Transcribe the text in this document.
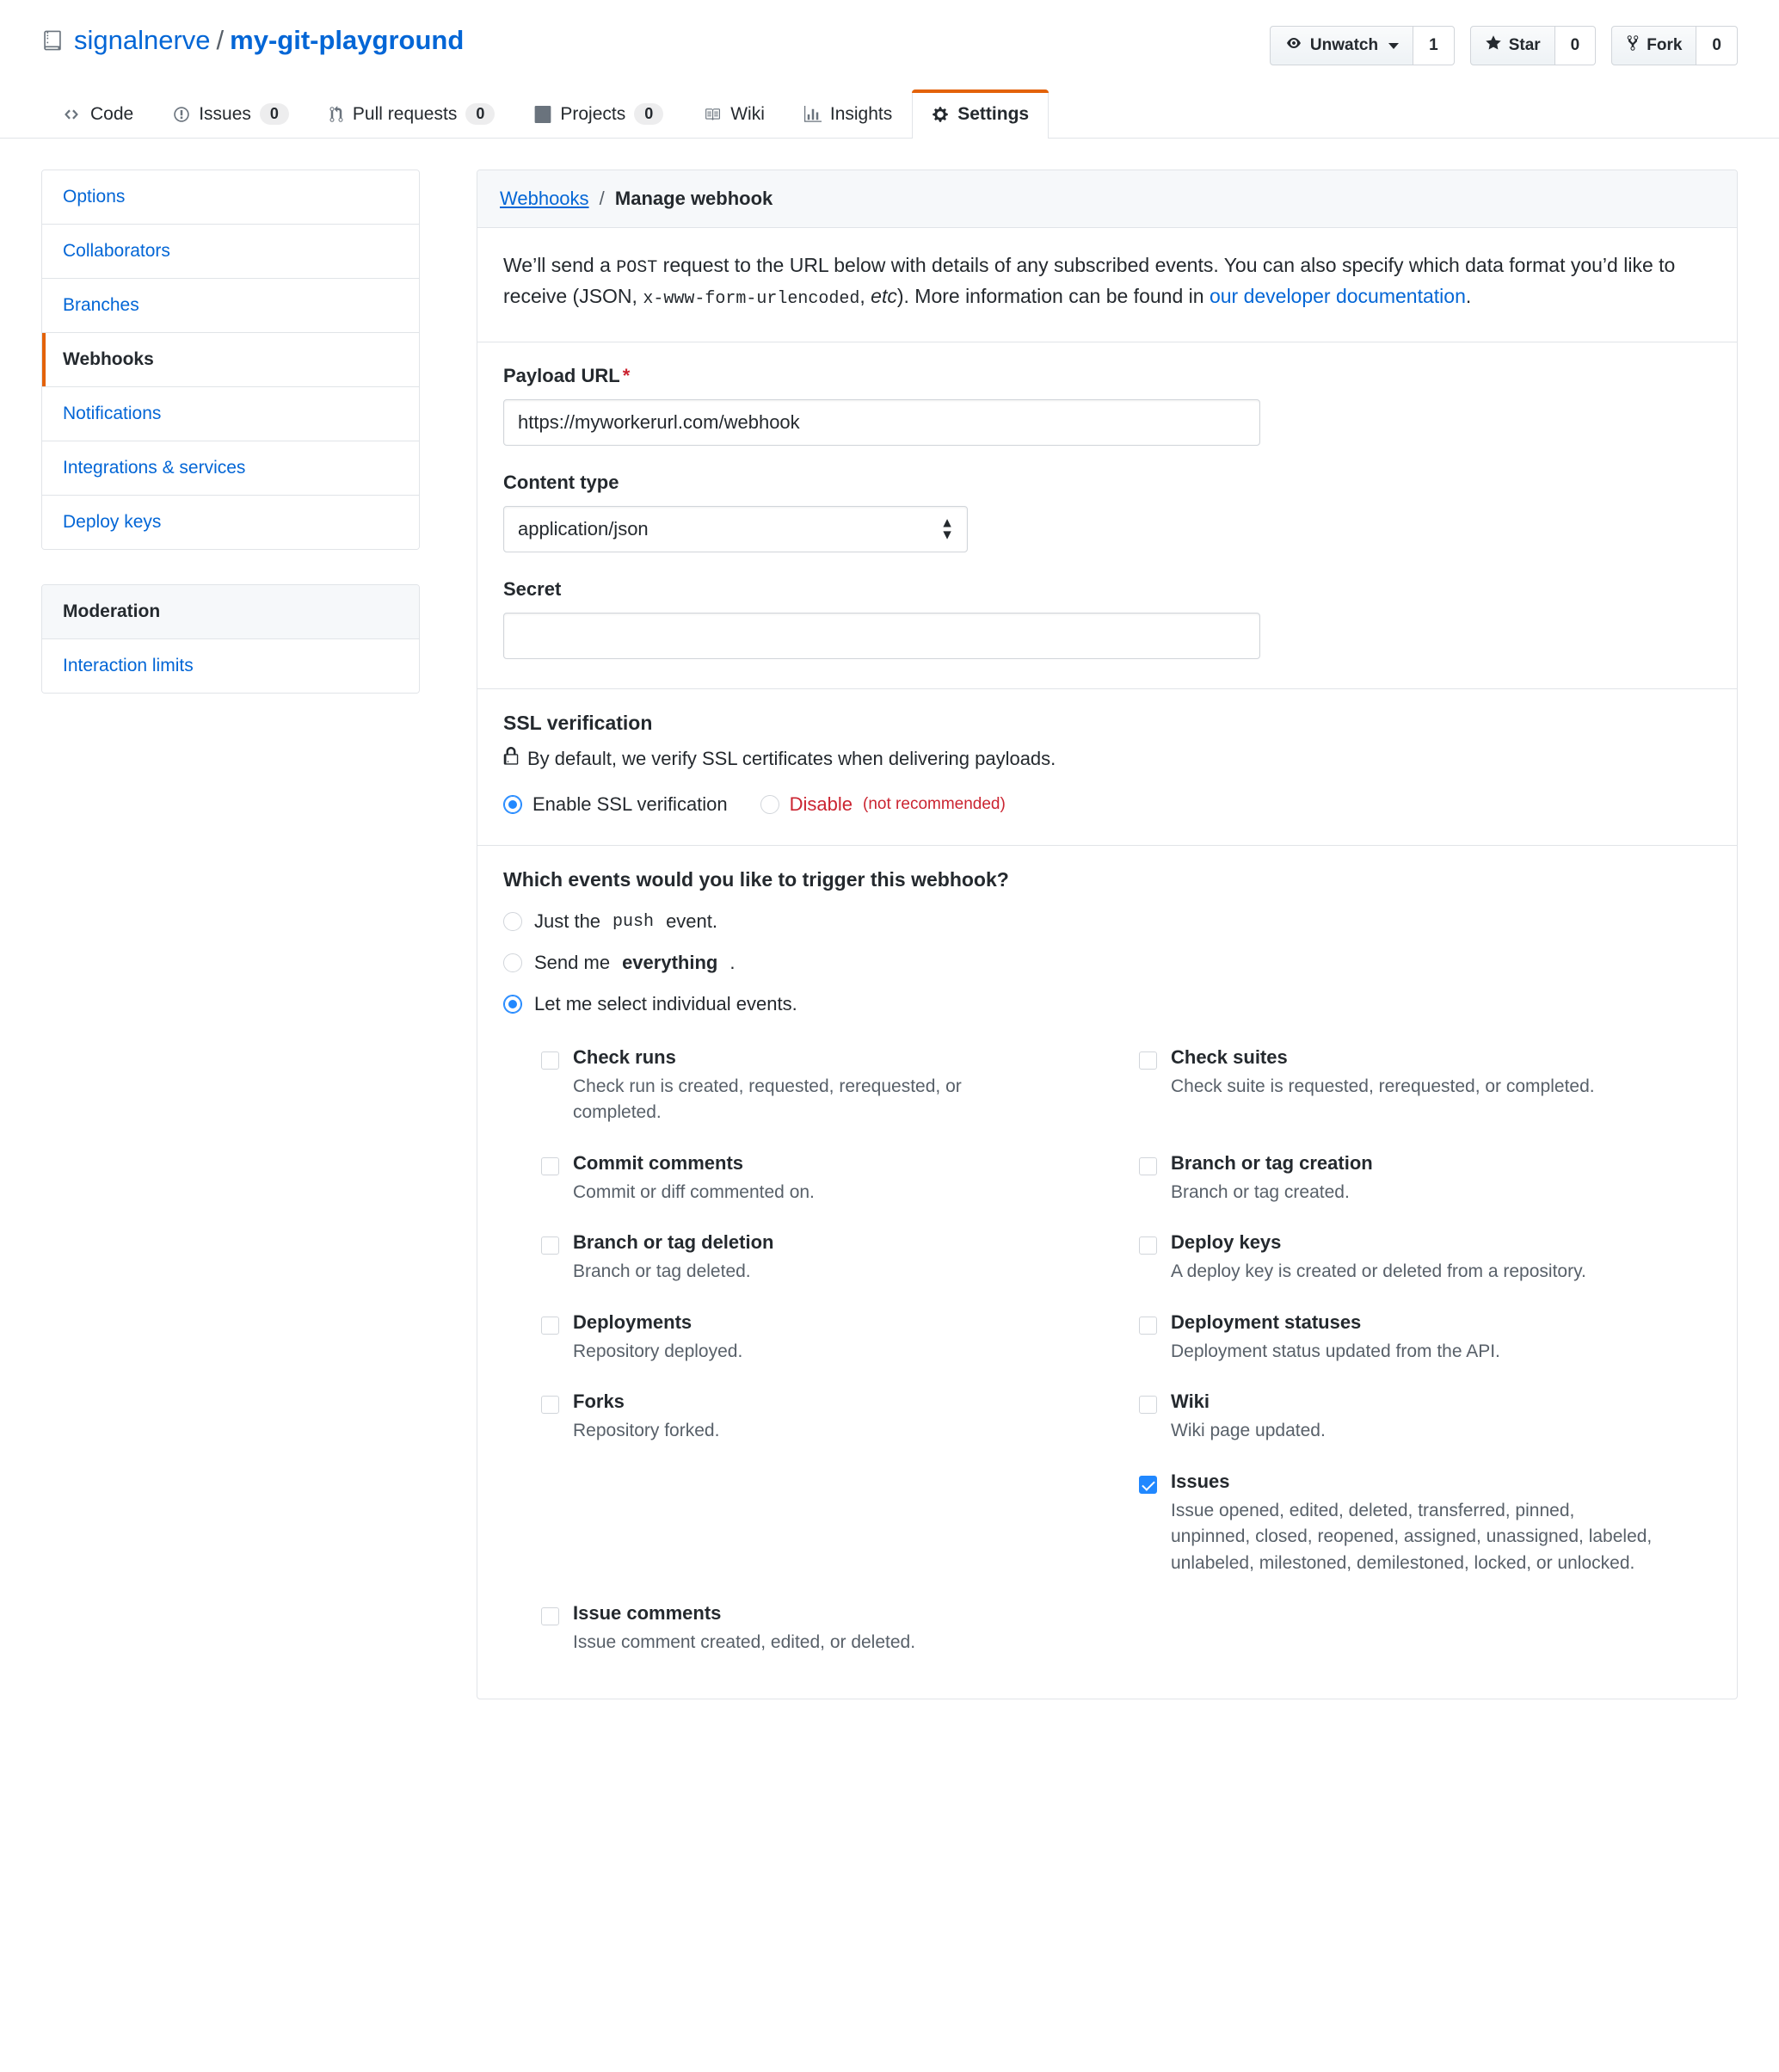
signalnerve / my-git-playground	Unwatch	1	Star	0	Fork	0
Code	Issues	0	Pull requests	0	Projects	0	Wiki	Insights	Settings
Options
Collaborators
Branches
Webhooks
Notifications
Integrations & services
Deploy keys
Moderation
Interaction limits
Webhooks / Manage webhook

We’ll send a POST request to the URL below with details of any subscribed events. You can also specify which data format you’d like to receive (JSON, x-www-form-urlencoded, etc). More information can be found in our developer documentation.

Payload URL *
https://myworkerurl.com/webhook
Content type
application/json
▲
▼
Secret
SSL verification
By default, we verify SSL certificates when delivering payloads.
Enable SSL verification	Disable (not recommended)
Which events would you like to trigger this webhook?
Just the push event.
Send me everything .
Let me select individual events.
Check runs
Check run is created, requested, rerequested, or completed.
Check suites
Check suite is requested, rerequested, or completed.
Commit comments
Commit or diff commented on.
Branch or tag creation
Branch or tag created.
Branch or tag deletion
Branch or tag deleted.
Deploy keys
A deploy key is created or deleted from a repository.
Deployments
Repository deployed.
Deployment statuses
Deployment status updated from the API.
Forks
Repository forked.
Wiki
Wiki page updated.
Issues
Issue opened, edited, deleted, transferred, pinned, unpinned, closed, reopened, assigned, unassigned, labeled, unlabeled, milestoned, demilestoned, locked, or unlocked.
Issue comments
Issue comment created, edited, or deleted.
